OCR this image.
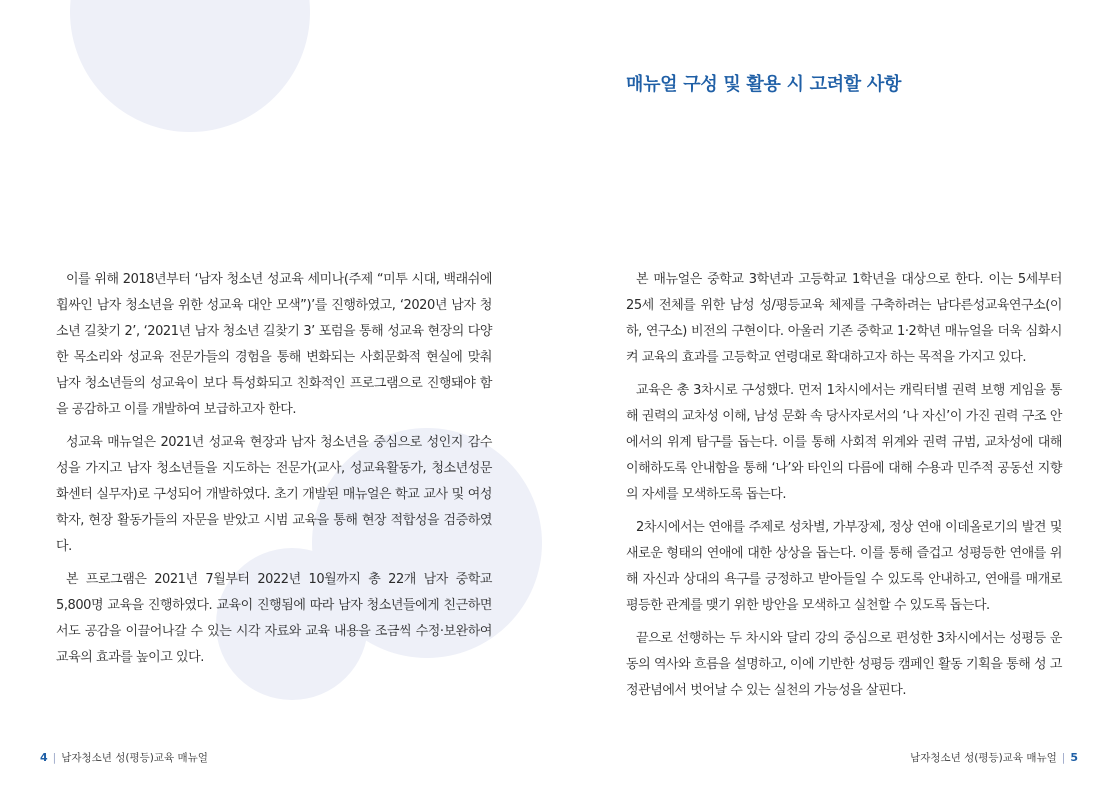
이를 위해 2018년부터 ‘남자 청소년 성교육 세미나(주제 “미투 시대, 백래쉬에 휩싸인 남자 청소년을 위한 성교육 대안 모색”)’를 진행하였고, ‘2020년 남자 청소년 길찾기 2’, ‘2021년 남자 청소년 길찾기 3’ 포럼을 통해 성교육 현장의 다양한 목소리와 성교육 전문가들의 경험을 통해 변화되는 사회문화적 현실에 맞춰 남자 청소년들의 성교육이 보다 특성화되고 친화적인 프로그램으로 진행돼야 함을 공감하고 이를 개발하여 보급하고자 한다.

성교육 매뉴얼은 2021년 성교육 현장과 남자 청소년을 중심으로 성인지 감수성을 가지고 남자 청소년들을 지도하는 전문가(교사, 성교육활동가, 청소년성문화센터 실무자)로 구성되어 개발하였다. 초기 개발된 매뉴얼은 학교 교사 및 여성학자, 현장 활동가들의 자문을 받았고 시범 교육을 통해 현장 적합성을 검증하였다.

본 프로그램은 2021년 7월부터 2022년 10월까지 총 22개 남자 중학교 5,800명 교육을 진행하였다. 교육이 진행됨에 따라 남자 청소년들에게 친근하면서도 공감을 이끌어나갈 수 있는 시각 자료와 교육 내용을 조금씩 수정·보완하여 교육의 효과를 높이고 있다.

4 | 남자청소년 성(평등)교육 매뉴얼
매뉴얼 구성 및 활용 시 고려할 사항

본 매뉴얼은 중학교 3학년과 고등학교 1학년을 대상으로 한다. 이는 5세부터 25세 전체를 위한 남성 성/평등교육 체제를 구축하려는 남다른성교육연구소(이하, 연구소) 비전의 구현이다. 아울러 기존 중학교 1·2학년 매뉴얼을 더욱 심화시켜 교육의 효과를 고등학교 연령대로 확대하고자 하는 목적을 가지고 있다.

교육은 총 3차시로 구성했다. 먼저 1차시에서는 캐릭터별 권력 보행 게임을 통해 권력의 교차성 이해, 남성 문화 속 당사자로서의 ‘나 자신’이 가진 권력 구조 안에서의 위계 탐구를 돕는다. 이를 통해 사회적 위계와 권력 규범, 교차성에 대해 이해하도록 안내함을 통해 ‘나’와 타인의 다름에 대해 수용과 민주적 공동선 지향의 자세를 모색하도록 돕는다.

2차시에서는 연애를 주제로 성차별, 가부장제, 정상 연애 이데올로기의 발견 및 새로운 형태의 연애에 대한 상상을 돕는다. 이를 통해 즐겁고 성평등한 연애를 위해 자신과 상대의 욕구를 긍정하고 받아들일 수 있도록 안내하고, 연애를 매개로 평등한 관계를 맺기 위한 방안을 모색하고 실천할 수 있도록 돕는다.

끝으로 선행하는 두 차시와 달리 강의 중심으로 편성한 3차시에서는 성평등 운동의 역사와 흐름을 설명하고, 이에 기반한 성평등 캠페인 활동 기획을 통해 성 고정관념에서 벗어날 수 있는 실천의 가능성을 살핀다.

남자청소년 성(평등)교육 매뉴얼 | 5
